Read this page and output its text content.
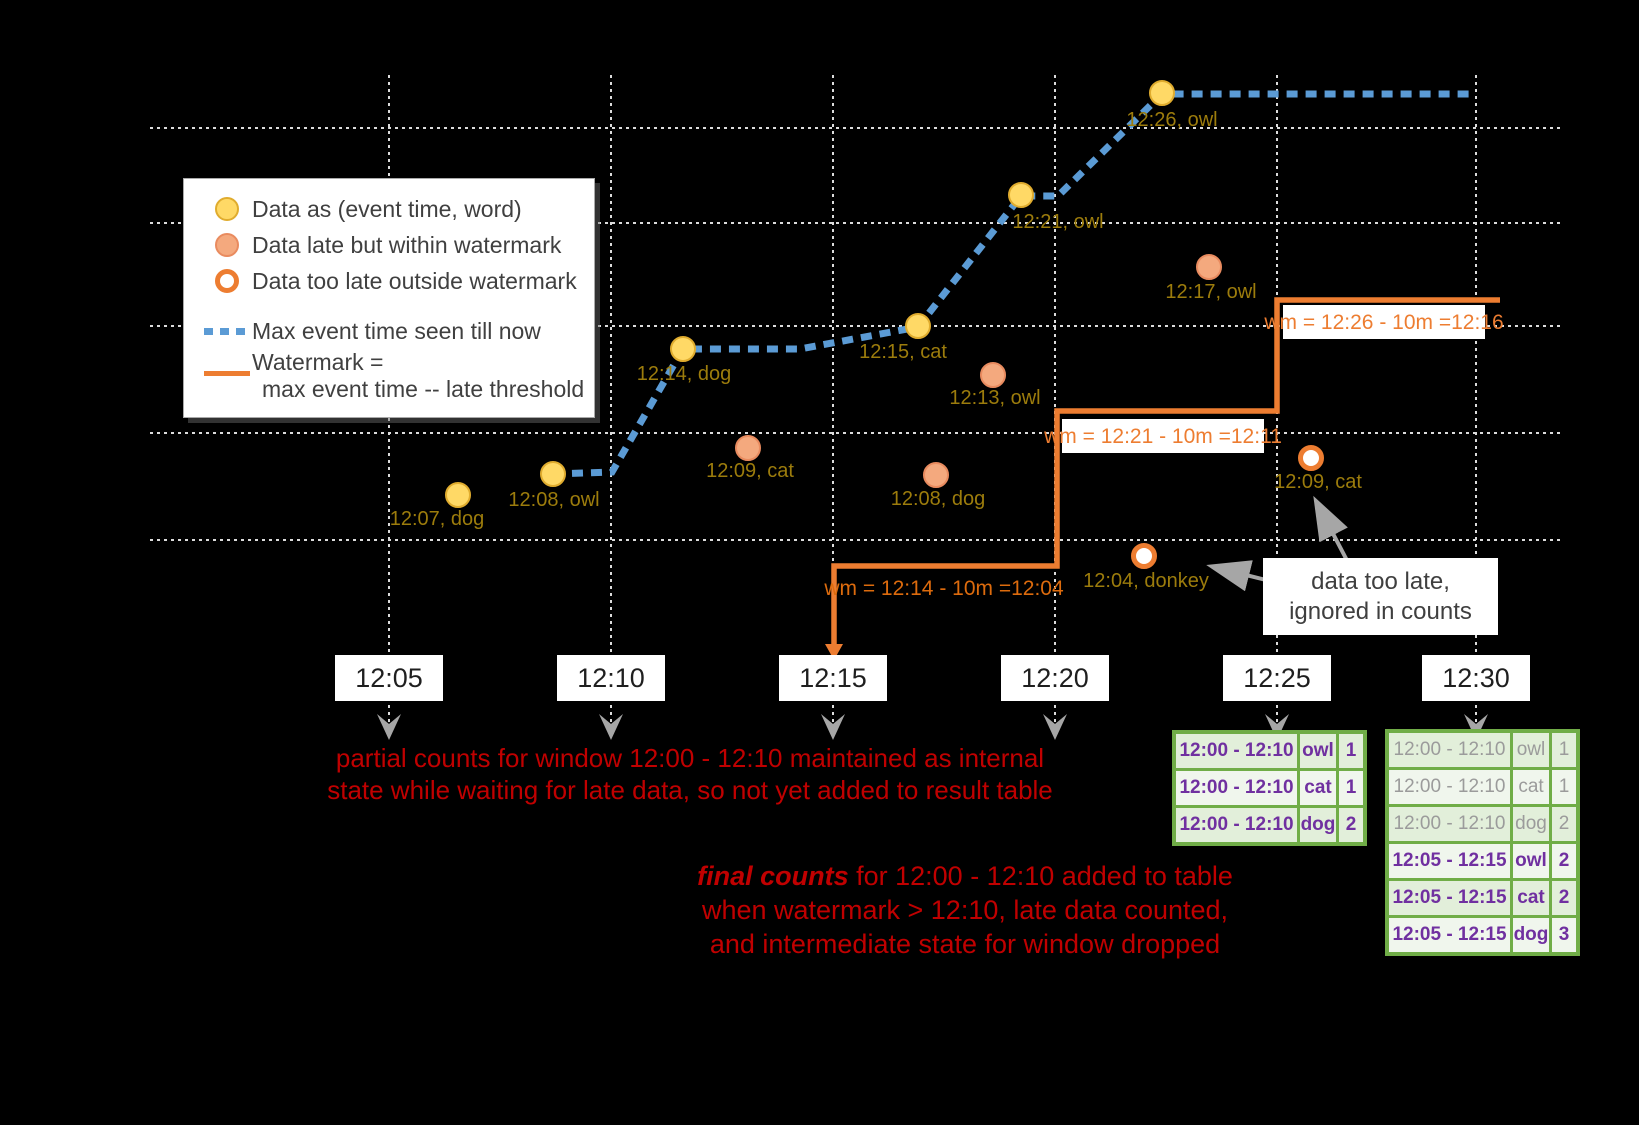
wm = 12:14 - 10m =12:04
wm = 12:21 - 10m =12:11
wm = 12:26 - 10m =12:16
12:07, dog
12:08, owl
12:14, dog
12:15, cat
12:21, owl
12:26, owl
12:09, cat
12:13, owl
12:08, dog
12:17, owl
12:04, donkey
12:09, cat
Data as (event time, word)
Data late but within watermark
Data too late outside watermark
Max event time seen till now
Watermark =
max event time -- late threshold
12:05	12:10	12:15	12:20	12:25	12:30
data too late,
ignored in counts
partial counts for window 12:00 - 12:10 maintained as internal
state while waiting for late data, so not yet added to result table
final counts for 12:00 - 12:10 added to table
when watermark > 12:10, late data counted,
and intermediate state for window dropped
12:00 - 12:10 owl 1
12:00 - 12:10 cat 1
12:00 - 12:10 dog 2
12:00 - 12:10 owl 1
12:00 - 12:10 cat 1
12:00 - 12:10 dog 2
12:05 - 12:15 owl 2
12:05 - 12:15 cat 2
12:05 - 12:15 dog 3
